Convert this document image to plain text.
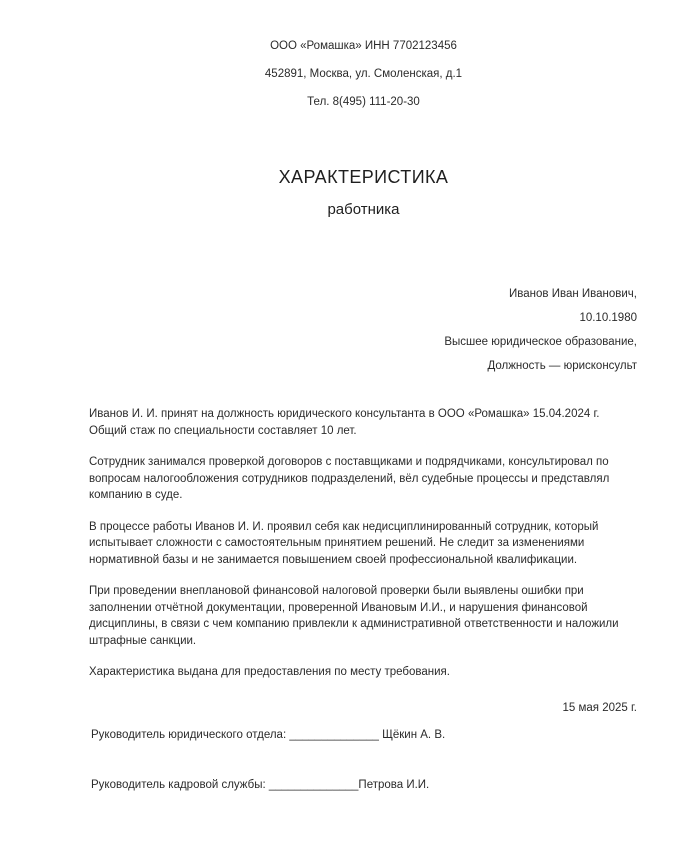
ООО «Ромашка» ИНН 7702123456
452891, Москва, ул. Смоленская, д.1
Тел. 8(495) 111-20-30
ХАРАКТЕРИСТИКА
работника
Иванов Иван Иванович,
10.10.1980
Высшее юридическое образование,
Должность — юрисконсульт

Иванов И. И. принят на должность юридического консультанта в ООО «Ромашка» 15.04.2024 г. Общий стаж по специальности составляет 10 лет.

Сотрудник занимался проверкой договоров с поставщиками и подрядчиками, консультировал по вопросам налогообложения сотрудников подразделений, вёл судебные процессы и представлял компанию в суде.

В процессе работы Иванов И. И. проявил себя как недисциплинированный сотрудник, который испытывает сложности с самостоятельным принятием решений. Не следит за изменениями нормативной базы и не занимается повышением своей профессиональной квалификации.

При проведении внеплановой финансовой налоговой проверки были выявлены ошибки при заполнении отчётной документации, проверенной Ивановым И.И., и нарушения финансовой дисциплины, в связи с чем компанию привлекли к административной ответственности и наложили штрафные санкции.

Характеристика выдана для предоставления по месту требования.

15 мая 2025 г.
Руководитель юридического отдела: ______________ Щёкин А. В.
Руководитель кадровой службы: ______________Петрова И.И.
